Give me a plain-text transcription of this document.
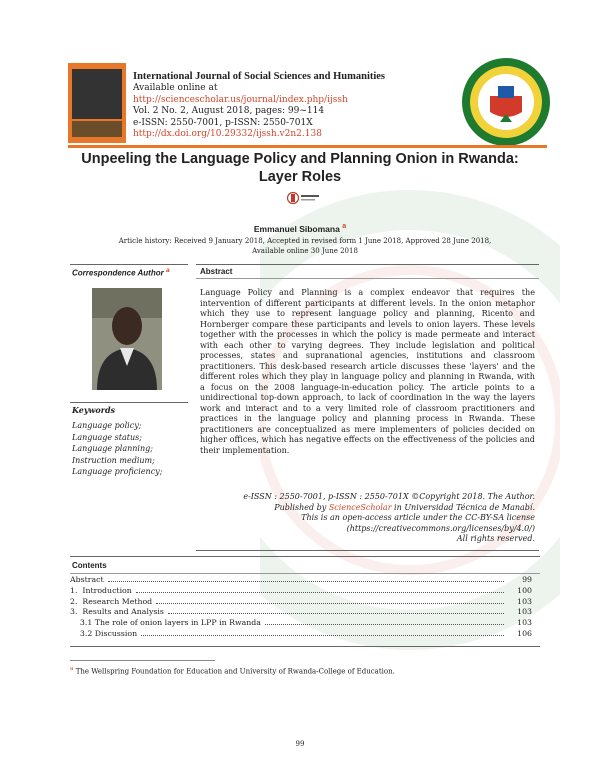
International Journal of Social Sciences and Humanities
Available online at http://sciencescholar.us/journal/index.php/ijssh
Vol. 2 No. 2, August 2018, pages: 99~114
e-ISSN: 2550-7001, p-ISSN: 2550-701X
http://dx.doi.org/10.29332/ijssh.v2n2.138
Unpeeling the Language Policy and Planning Onion in Rwanda:
Layer Roles
Emmanuel Sibomana $^a$
Article history: Received 9 January 2018, Accepted in revised form 1 June 2018, Approved 28 June 2018,
Available online 30 June 2018
Correspondence Author $^a$
Keywords
Language policy;
Language status;
Language planning;
Instruction medium;
Language proficiency;
Abstract
Language Policy and Planning is a complex endeavor that requires the intervention of different participants at different levels. In the onion metaphor which they use to represent language policy and planning, Ricento and Hornberger compare these participants and levels to onion layers. These levels together with the processes in which the policy is made permeate and interact with each other to varying degrees. They include legislation and political processes, states and supranational agencies, institutions and classroom practitioners. This desk-based research article discusses these 'layers' and the different roles which they play in language policy and planning in Rwanda, with a focus on the 2008 language-in-education policy. The article points to a unidirectional top-down approach, to lack of coordination in the way the layers work and interact and to a very limited role of classroom practitioners and practices in the language policy and planning process in Rwanda. These practitioners are conceptualized as mere implementers of policies decided on higher offices, which has negative effects on the effectiveness of the policies and their implementation.
e-ISSN : 2550-7001, p-ISSN : 2550-701X ©Copyright 2018. The Author.
Published by ScienceScholar in Universidad Técnica de Manabí.
This is an open-access article under the CC-BY-SA license
(https://creativecommons.org/licenses/by/4.0/)
All rights reserved.
Contents
Abstract	99
1.  Introduction	100
2.  Research Method	103
3.  Results and Analysis	103
3.1 The role of onion layers in LPP in Rwanda	103
3.2 Discussion	106
$^a$ The Wellspring Foundation for Education and University of Rwanda-College of Education.
99
